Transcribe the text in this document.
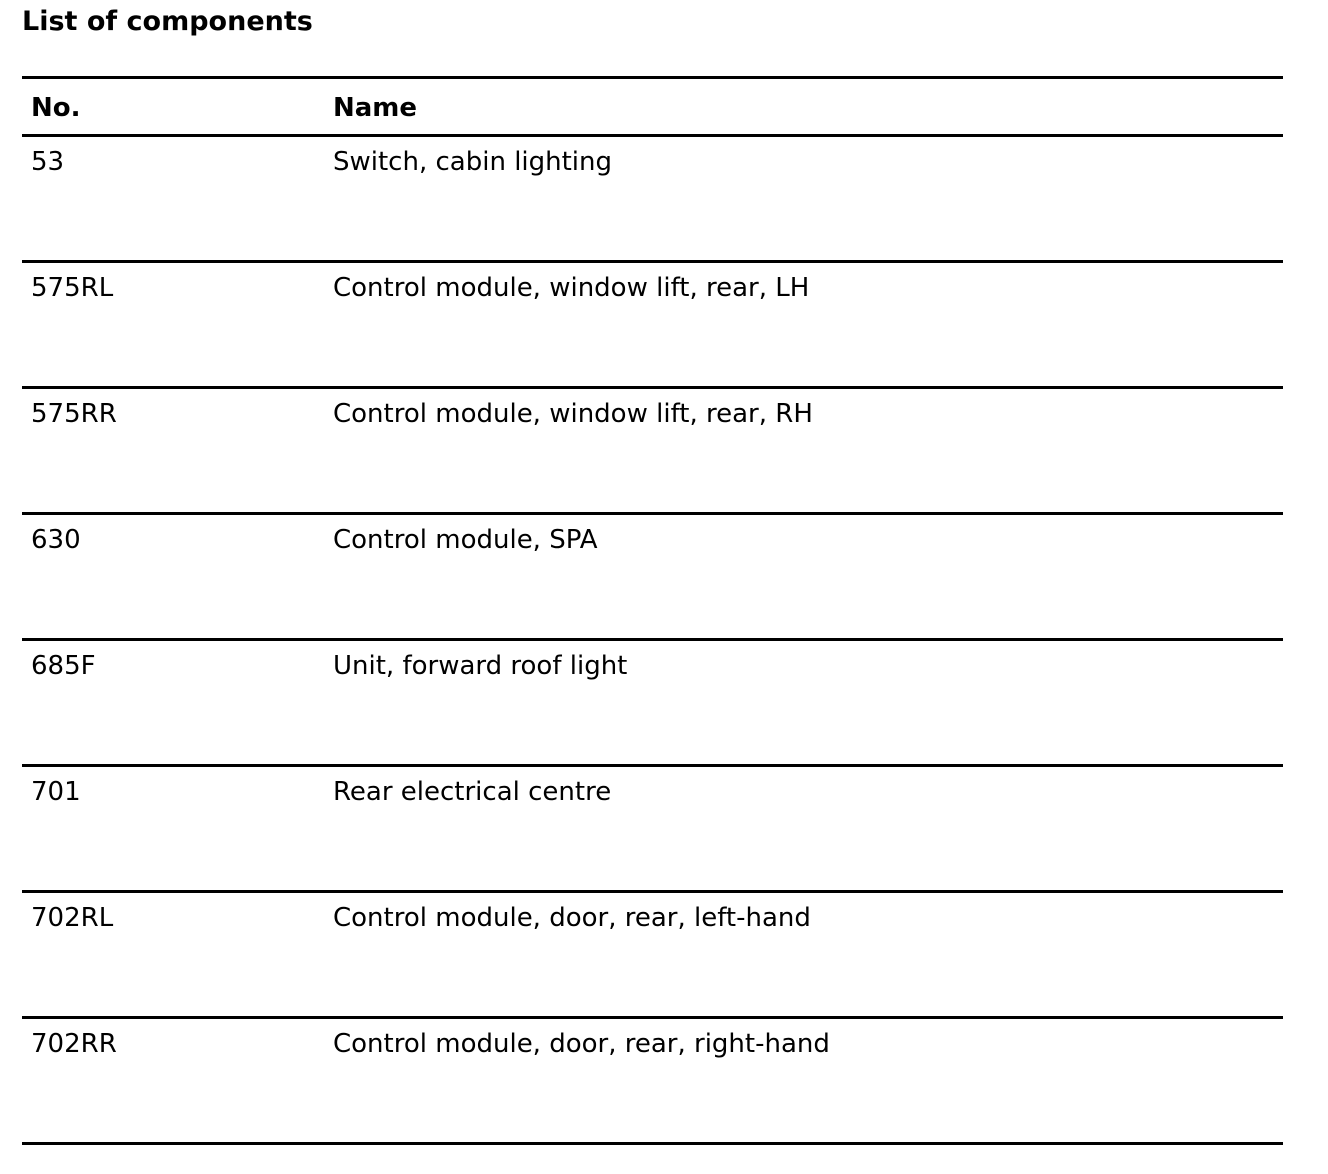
List of components
No.	Name
53	Switch, cabin lighting
575RL	Control module, window lift, rear, LH
575RR	Control module, window lift, rear, RH
630	Control module, SPA
685F	Unit, forward roof light
701	Rear electrical centre
702RL	Control module, door, rear, left-hand
702RR	Control module, door, rear, right-hand
